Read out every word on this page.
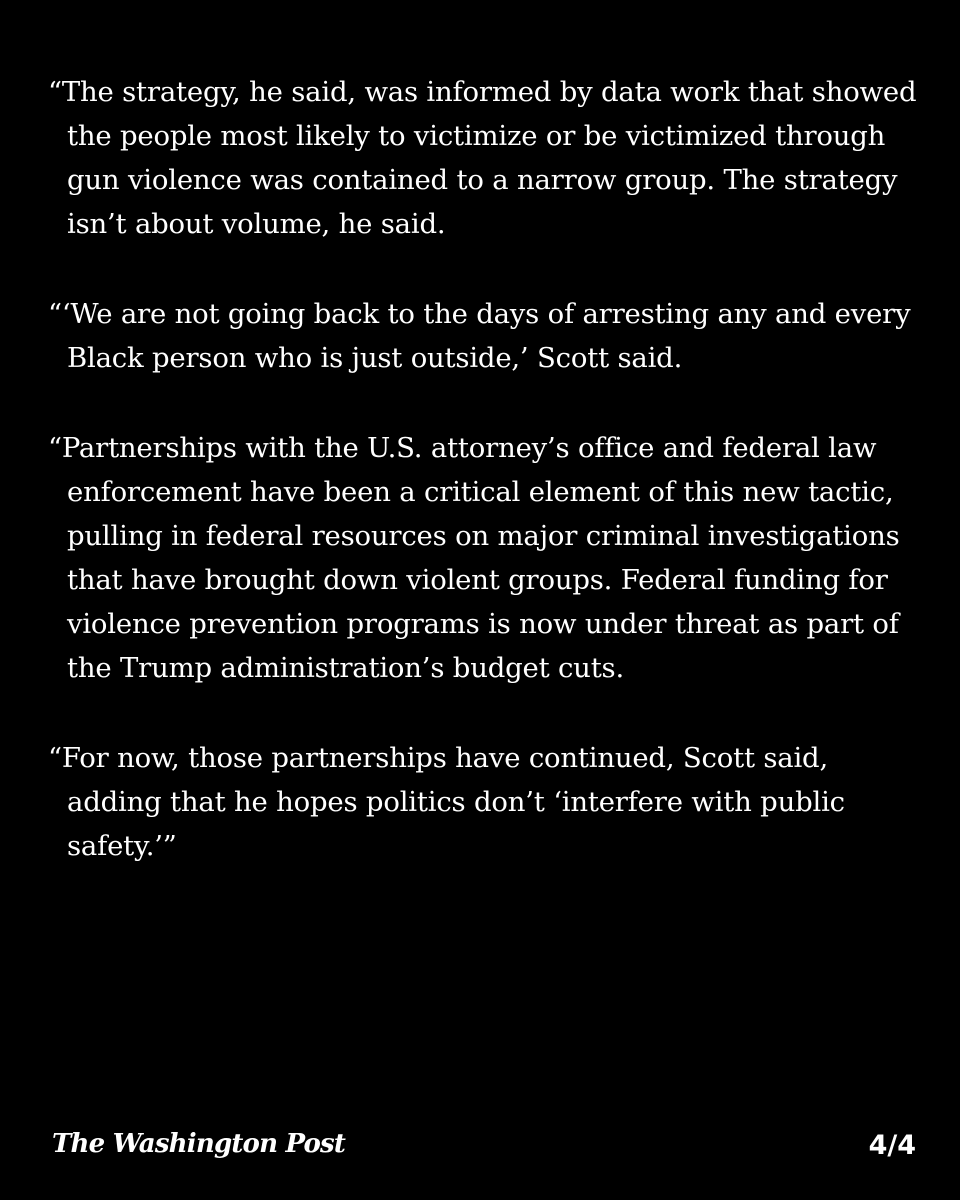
“The strategy, he said, was informed by data work that showed the people most likely to victimize or be victimized through gun violence was contained to a narrow group. The strategy isn’t about volume, he said.

“‘We are not going back to the days of arresting any and every Black person who is just outside,’ Scott said.

“Partnerships with the U.S. attorney’s office and federal law enforcement have been a critical element of this new tactic, pulling in federal resources on major criminal investigations that have brought down violent groups. Federal funding for violence prevention programs is now under threat as part of the Trump administration’s budget cuts.

“For now, those partnerships have continued, Scott said, adding that he hopes politics don’t ‘interfere with public safety.’”

The Washington Post	4/4
